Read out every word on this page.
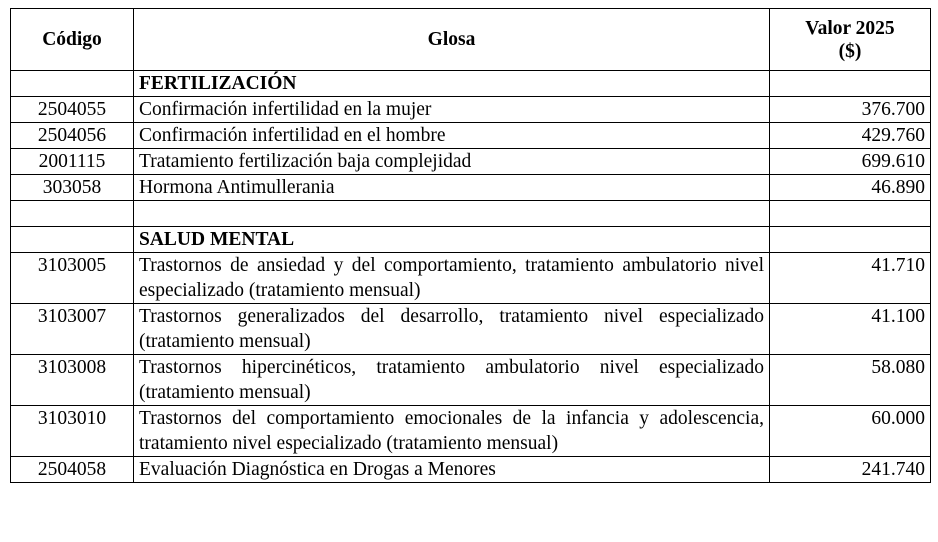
Código	Glosa	Valor 2025
($)
	FERTILIZACIÓN	
2504055	Confirmación infertilidad en la mujer	376.700
2504056	Confirmación infertilidad en el hombre	429.760
2001115	Tratamiento fertilización baja complejidad	699.610
303058	Hormona Antimullerania	46.890

	SALUD MENTAL	
3103005	Trastornos de ansiedad y del comportamiento, tratamiento ambulatorio nivel especializado (tratamiento mensual)	41.710
3103007	Trastornos generalizados del desarrollo, tratamiento nivel especializado (tratamiento mensual)	41.100
3103008	Trastornos hipercinéticos, tratamiento ambulatorio nivel especializado (tratamiento mensual)	58.080
3103010	Trastornos del comportamiento emocionales de la infancia y adolescencia, tratamiento nivel especializado (tratamiento mensual)	60.000
2504058	Evaluación Diagnóstica en Drogas a Menores	241.740
